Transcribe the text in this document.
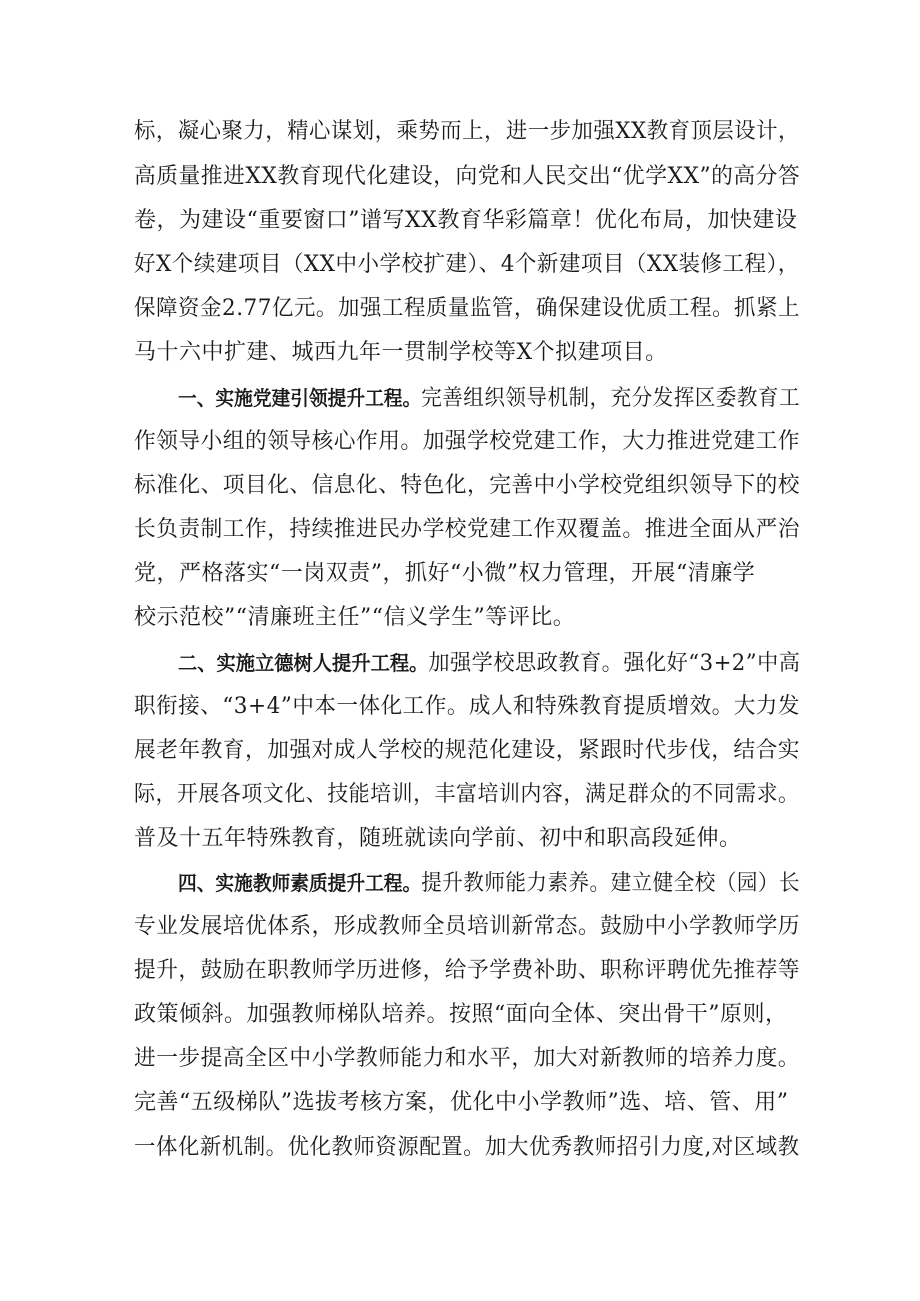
标，凝心聚力，精心谋划，乘势而上，进一步加强XX教育顶层设计，
高质量推进XX教育现代化建设，向党和人民交出“优学XX”的高分答
卷，为建设“重要窗口”谱写XX教育华彩篇章！优化布局，加快建设
好X个续建项目（XX中小学校扩建）、4个新建项目（XX装修工程），
保障资金2.77亿元。加强工程质量监管，确保建设优质工程。抓紧上
马十六中扩建、城西九年一贯制学校等X个拟建项目。
一、实施党建引领提升工程。完善组织领导机制，充分发挥区委教育工
作领导小组的领导核心作用。加强学校党建工作，大力推进党建工作
标准化、项目化、信息化、特色化，完善中小学校党组织领导下的校
长负责制工作，持续推进民办学校党建工作双覆盖。推进全面从严治
党，严格落实“一岗双责”，抓好“小微”权力管理，开展“清廉学
校示范校”“清廉班主任”“信义学生”等评比。
二、实施立德树人提升工程。加强学校思政教育。强化好“3+2”中高
职衔接、“3+4”中本一体化工作。成人和特殊教育提质增效。大力发
展老年教育，加强对成人学校的规范化建设，紧跟时代步伐，结合实
际，开展各项文化、技能培训，丰富培训内容，满足群众的不同需求。
普及十五年特殊教育，随班就读向学前、初中和职高段延伸。
四、实施教师素质提升工程。提升教师能力素养。建立健全校（园）长
专业发展培优体系，形成教师全员培训新常态。鼓励中小学教师学历
提升，鼓励在职教师学历进修，给予学费补助、职称评聘优先推荐等
政策倾斜。加强教师梯队培养。按照“面向全体、突出骨干”原则，
进一步提高全区中小学教师能力和水平，加大对新教师的培养力度。
完善“五级梯队”选拔考核方案，优化中小学教师”选、培、管、用”
一体化新机制。优化教师资源配置。加大优秀教师招引力度,对区域教
